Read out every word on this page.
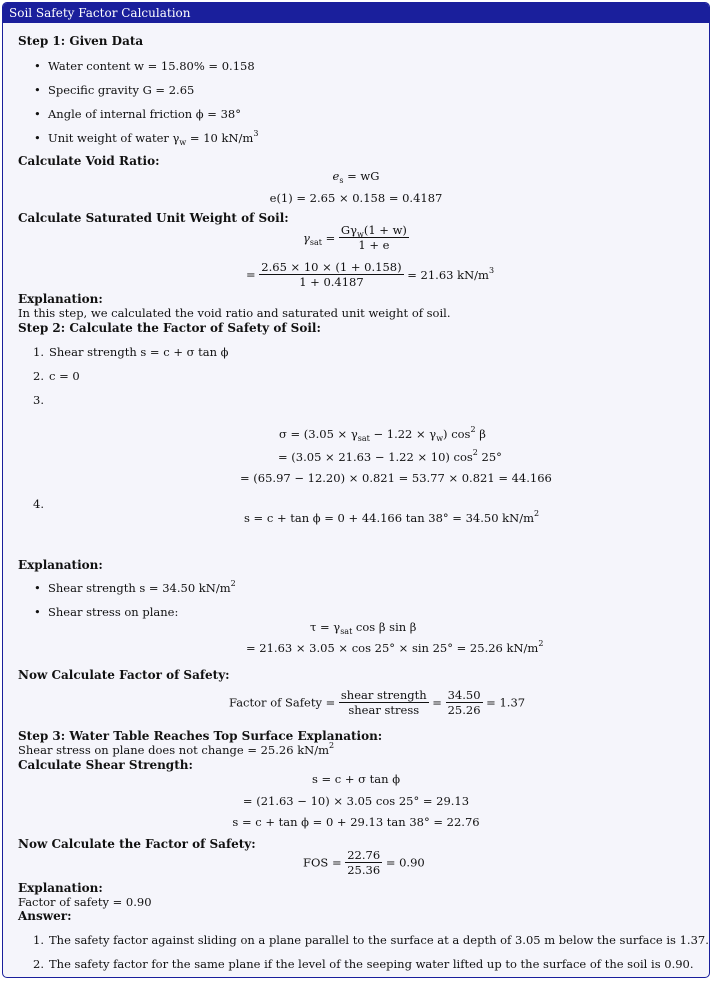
Soil Safety Factor Calculation
Step 1: Given Data
• Water content w = 15.80% = 0.158
• Specific gravity G = 2.65
• Angle of internal friction ϕ = 38°
• Unit weight of water $\gamma_w = 10$ $kN/m^3$
Calculate Void Ratio:
$e_s$ = wG
e(1) = 2.65 × 0.158 = 0.4187
Calculate Saturated Unit Weight of Soil:
$\gamma_{sat} = \frac{G\gamma_w(1 + w)}{1 + e}$
= $\frac{2.65 \times 10 \times (1 + 0.158)}{1 + 0.4187} = 21.63$ $kN/m^3$
Explanation:
In this step, we calculated the void ratio and saturated unit weight of soil.
Step 2: Calculate the Factor of Safety of Soil:
1. Shear strength s = c + σ tan ϕ
2. c = 0
3.
$\sigma = (3.05 \times \gamma_{sat} - 1.22 \times \gamma_w)$ $\cos^2 \beta$
= (3.05 × 21.63 − 1.22 × 10) $\cos^2 25^\circ$
= (65.97 − 12.20) × 0.821 = 53.77 × 0.821 = 44.166
4.
s = c + tan ϕ = 0 + 44.166 tan 38° = 34.50 $kN/m^2$
Explanation:
• Shear strength s = 34.50 $kN/m^2$
• Shear stress on plane:
$\tau = \gamma_{sat}$ cos β sin β
= 21.63 × 3.05 × cos 25° × sin 25° = 25.26 $kN/m^2$
Now Calculate Factor of Safety:
Factor of Safety = $\frac{\text{shear strength}}{\text{shear stress}} = \frac{34.50}{25.26} = 1.37$
Step 3: Water Table Reaches Top Surface Explanation:
Shear stress on plane does not change = 25.26 $kN/m^2$
Calculate Shear Strength:
s = c + σ tan ϕ
= (21.63 − 10) × 3.05 cos 25° = 29.13
s = c + tan ϕ = 0 + 29.13 tan 38° = 22.76
Now Calculate the Factor of Safety:
FOS = $\frac{22.76}{25.36} = 0.90$
Explanation:
Factor of safety = 0.90
Answer:
1. The safety factor against sliding on a plane parallel to the surface at a depth of 3.05 m below the surface is 1.37.
2. The safety factor for the same plane if the level of the seeping water lifted up to the surface of the soil is 0.90.
